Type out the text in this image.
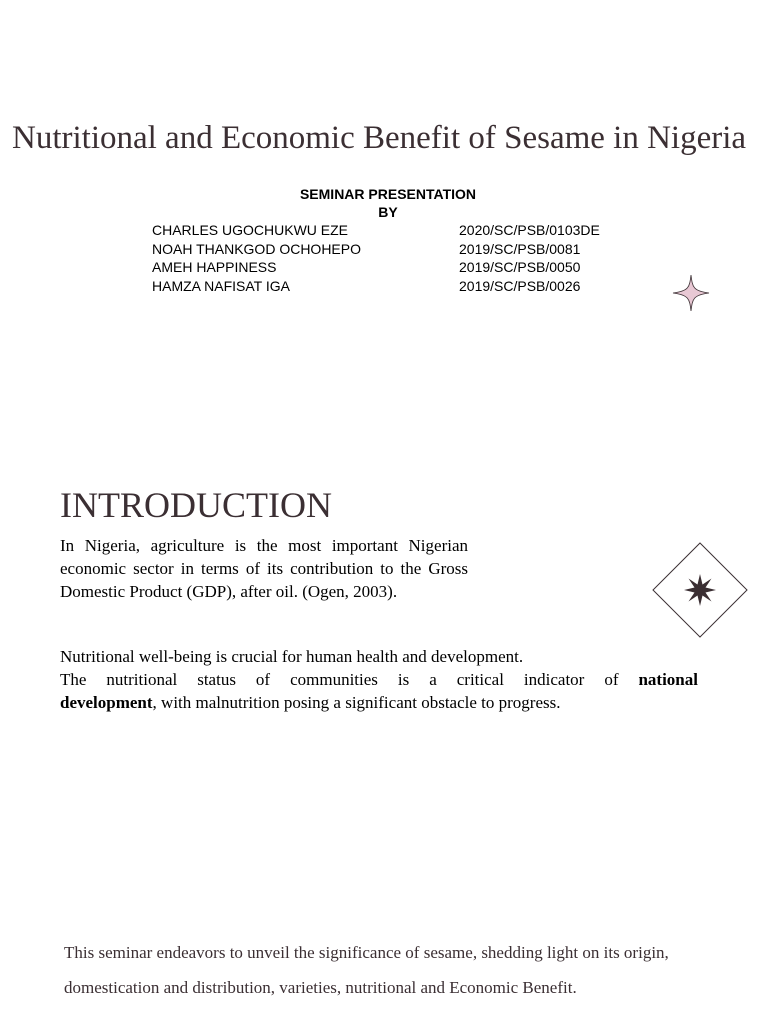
Nutritional and Economic Benefit of Sesame in Nigeria
SEMINAR PRESENTATION
BY
CHARLES UGOCHUKWU EZE	2020/SC/PSB/0103DE
NOAH THANKGOD OCHOHEPO	2019/SC/PSB/0081
AMEH HAPPINESS	2019/SC/PSB/0050
HAMZA NAFISAT IGA	2019/SC/PSB/0026
INTRODUCTION

In Nigeria, agriculture is the most important Nigerian economic sector in terms of its contribution to the Gross Domestic Product (GDP), after oil. (Ogen, 2003).

Nutritional well-being is crucial for human health and development.
The nutritional status of communities is a critical indicator of national
development, with malnutrition posing a significant obstacle to progress.

This seminar endeavors to unveil the significance of sesame, shedding light on its origin, domestication and distribution, varieties, nutritional and Economic Benefit.
